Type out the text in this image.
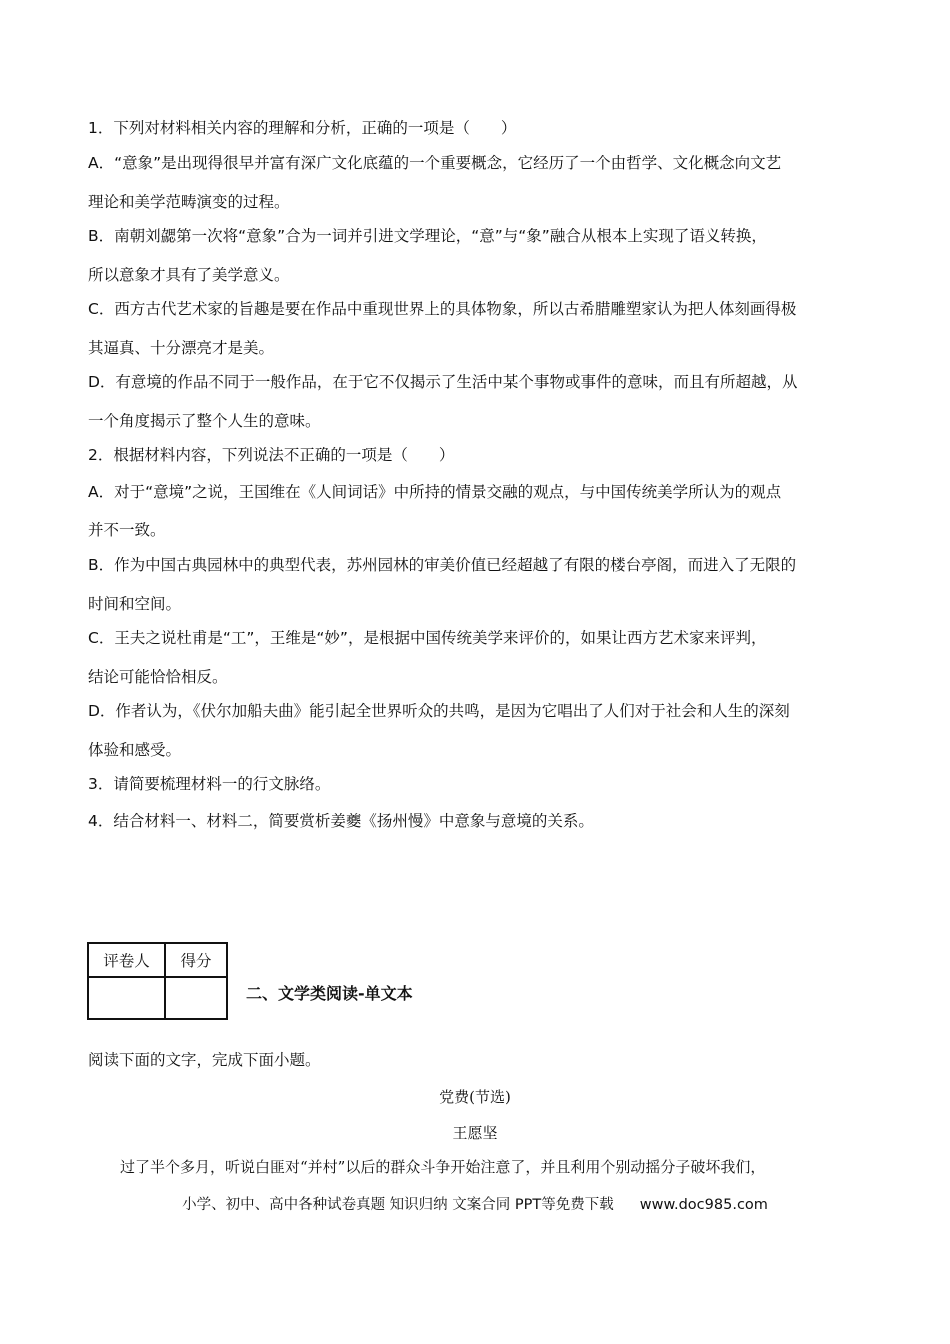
1．下列对材料相关内容的理解和分析，正确的一项是（　　）
A．“意象”是出现得很早并富有深广文化底蕴的一个重要概念，它经历了一个由哲学、文化概念向文艺
理论和美学范畴演变的过程。
B．南朝刘勰第一次将“意象”合为一词并引进文学理论，“意”与“象”融合从根本上实现了语义转换，
所以意象才具有了美学意义。
C．西方古代艺术家的旨趣是要在作品中重现世界上的具体物象，所以古希腊雕塑家认为把人体刻画得极
其逼真、十分漂亮才是美。
D．有意境的作品不同于一般作品，在于它不仅揭示了生活中某个事物或事件的意味，而且有所超越，从
一个角度揭示了整个人生的意味。
2．根据材料内容，下列说法不正确的一项是（　　）
A．对于“意境”之说，王国维在《人间词话》中所持的情景交融的观点，与中国传统美学所认为的观点
并不一致。
B．作为中国古典园林中的典型代表，苏州园林的审美价值已经超越了有限的楼台亭阁，而进入了无限的
时间和空间。
C．王夫之说杜甫是“工”，王维是“妙”，是根据中国传统美学来评价的，如果让西方艺术家来评判，
结论可能恰恰相反。
D．作者认为，《伏尔加船夫曲》能引起全世界听众的共鸣，是因为它唱出了人们对于社会和人生的深刻
体验和感受。
3．请简要梳理材料一的行文脉络。
4．结合材料一、材料二，简要赏析姜夔《扬州慢》中意象与意境的关系。
评卷人	得分

二、文学类阅读-单文本
阅读下面的文字，完成下面小题。
党费(节选)
王愿坚
过了半个多月，听说白匪对“并村”以后的群众斗争开始注意了，并且利用个别动摇分子破坏我们，
小学、初中、高中各种试卷真题 知识归纳 文案合同 PPT等免费下载 www.doc985.com
